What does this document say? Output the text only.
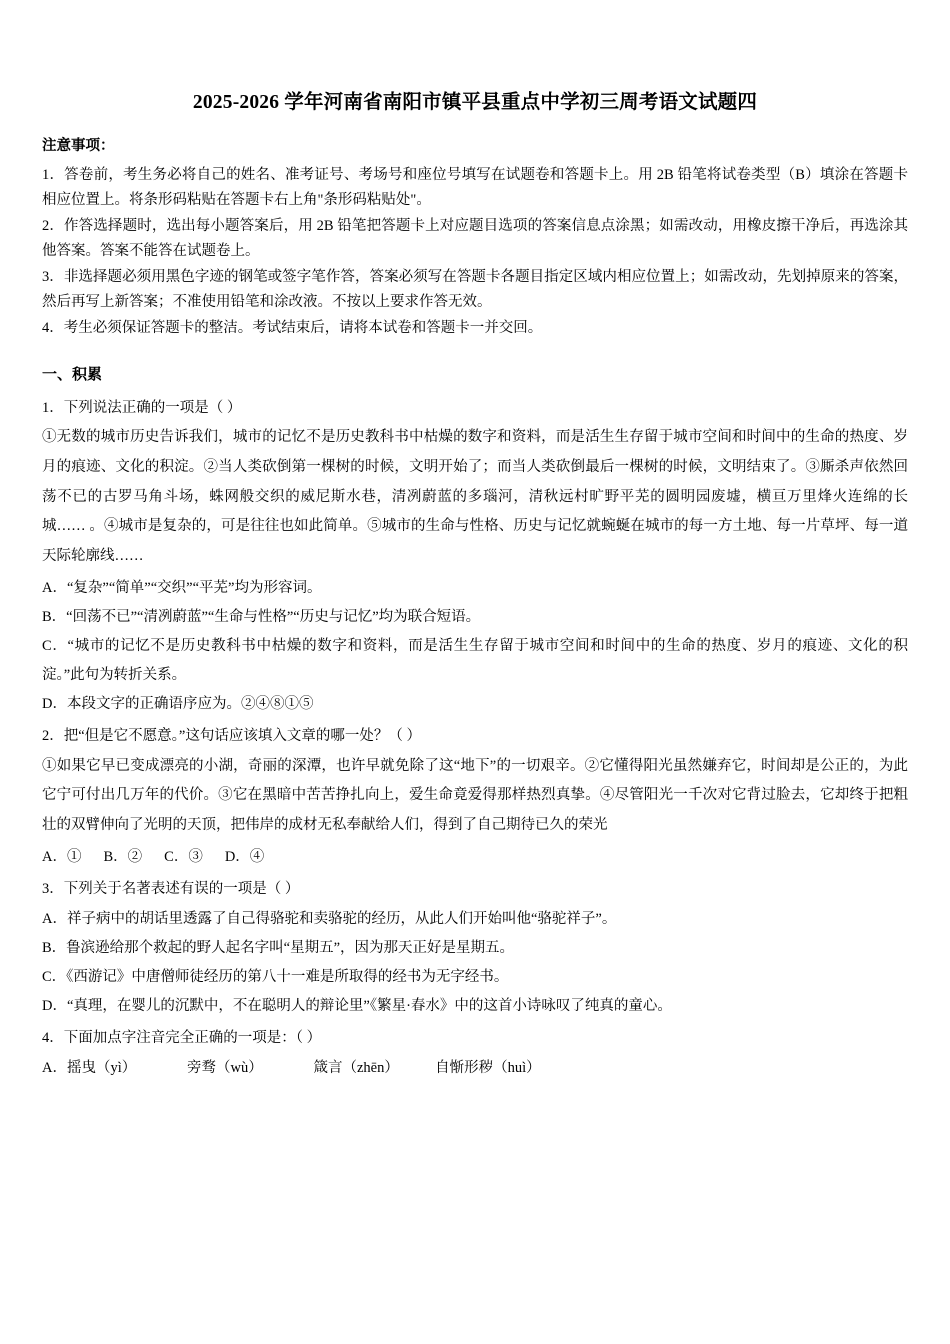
2025-2026 学年河南省南阳市镇平县重点中学初三周考语文试题四

注意事项：

1．答卷前，考生务必将自己的姓名、准考证号、考场号和座位号填写在试题卷和答题卡上。用 2B 铅笔将试卷类型（B）填涂在答题卡相应位置上。将条形码粘贴在答题卡右上角"条形码粘贴处"。

2．作答选择题时，选出每小题答案后，用 2B 铅笔把答题卡上对应题目选项的答案信息点涂黑；如需改动，用橡皮擦干净后，再选涂其他答案。答案不能答在试题卷上。

3．非选择题必须用黑色字迹的钢笔或签字笔作答，答案必须写在答题卡各题目指定区域内相应位置上；如需改动，先划掉原来的答案，然后再写上新答案；不准使用铅笔和涂改液。不按以上要求作答无效。

4．考生必须保证答题卡的整洁。考试结束后，请将本试卷和答题卡一并交回。

一、积累

1．下列说法正确的一项是（ ）

①无数的城市历史告诉我们，城市的记忆不是历史教科书中枯燥的数字和资料，而是活生生存留于城市空间和时间中的生命的热度、岁月的痕迹、文化的积淀。②当人类砍倒第一棵树的时候，文明开始了；而当人类砍倒最后一棵树的时候，文明结束了。③厮杀声依然回荡不已的古罗马角斗场，蛛网般交织的威尼斯水巷，清冽蔚蓝的多瑙河，清秋远村旷野平芜的圆明园废墟，横亘万里烽火连绵的长城…… 。④城市是复杂的，可是往往也如此简单。⑤城市的生命与性格、历史与记忆就蜿蜒在城市的每一方土地、每一片草坪、每一道天际轮廓线……

A．“复杂”“简单”“交织”“平芜”均为形容词。

B．“回荡不已”“清冽蔚蓝”“生命与性格”“历史与记忆”均为联合短语。

C．“城市的记忆不是历史教科书中枯燥的数字和资料，而是活生生存留于城市空间和时间中的生命的热度、岁月的痕迹、文化的积淀。”此句为转折关系。

D．本段文字的正确语序应为。②④⑧①⑤

2．把“但是它不愿意。”这句话应该填入文章的哪一处？（ ）

①如果它早已变成漂亮的小湖，奇丽的深潭，也许早就免除了这“地下”的一切艰辛。②它懂得阳光虽然嫌弃它，时间却是公正的，为此它宁可付出几万年的代价。③它在黑暗中苦苦挣扎向上，爱生命竟爱得那样热烈真挚。④尽管阳光一千次对它背过脸去，它却终于把粗壮的双臂伸向了光明的天顶，把伟岸的成材无私奉献给人们，得到了自己期待已久的荣光

A．① B．② C．③ D．④

3．下列关于名著表述有误的一项是（ ）

A．祥子病中的胡话里透露了自己得骆驼和卖骆驼的经历，从此人们开始叫他“骆驼祥子”。

B．鲁滨逊给那个救起的野人起名字叫“星期五”，因为那天正好是星期五。

C．《西游记》中唐僧师徒经历的第八十一难是所取得的经书为无字经书。

D．“真理，在婴儿的沉默中，不在聪明人的辩论里”《繁星·春水》中的这首小诗咏叹了纯真的童心。

4．下面加点字注音完全正确的一项是：（ ）

A．摇曳（yì）              旁骛（wù）              箴言（zhēn）          自惭形秽（huì）
